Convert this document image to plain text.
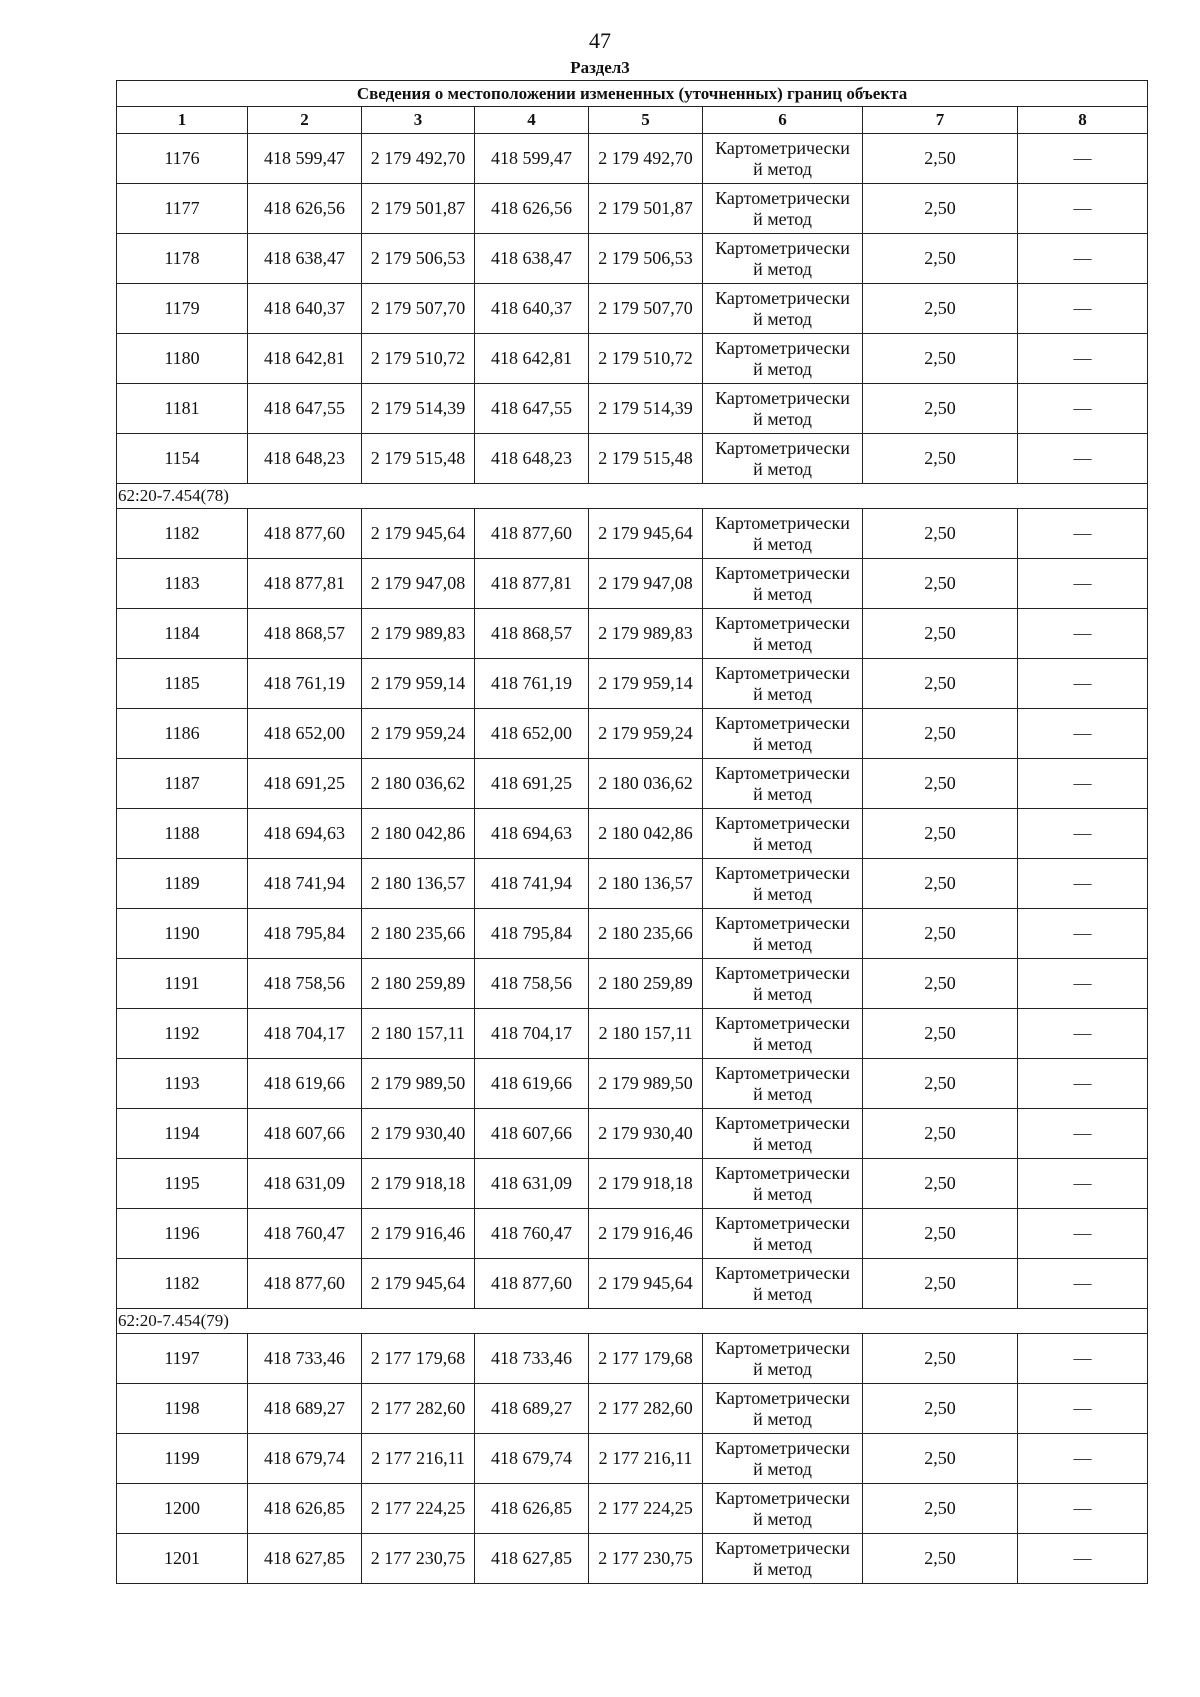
47
Раздел3
Сведения о местоположении измененных (уточненных) границ объекта							
1	2	3	4	5	6	7	8
1176	418 599,47	2 179 492,70	418 599,47	2 179 492,70	Картометрически
й метод	2,50	—
1177	418 626,56	2 179 501,87	418 626,56	2 179 501,87	Картометрически
й метод	2,50	—
1178	418 638,47	2 179 506,53	418 638,47	2 179 506,53	Картометрически
й метод	2,50	—
1179	418 640,37	2 179 507,70	418 640,37	2 179 507,70	Картометрически
й метод	2,50	—
1180	418 642,81	2 179 510,72	418 642,81	2 179 510,72	Картометрически
й метод	2,50	—
1181	418 647,55	2 179 514,39	418 647,55	2 179 514,39	Картометрически
й метод	2,50	—
1154	418 648,23	2 179 515,48	418 648,23	2 179 515,48	Картометрически
й метод	2,50	—
62:20-7.454(78)							
1182	418 877,60	2 179 945,64	418 877,60	2 179 945,64	Картометрически
й метод	2,50	—
1183	418 877,81	2 179 947,08	418 877,81	2 179 947,08	Картометрически
й метод	2,50	—
1184	418 868,57	2 179 989,83	418 868,57	2 179 989,83	Картометрически
й метод	2,50	—
1185	418 761,19	2 179 959,14	418 761,19	2 179 959,14	Картометрически
й метод	2,50	—
1186	418 652,00	2 179 959,24	418 652,00	2 179 959,24	Картометрически
й метод	2,50	—
1187	418 691,25	2 180 036,62	418 691,25	2 180 036,62	Картометрически
й метод	2,50	—
1188	418 694,63	2 180 042,86	418 694,63	2 180 042,86	Картометрически
й метод	2,50	—
1189	418 741,94	2 180 136,57	418 741,94	2 180 136,57	Картометрически
й метод	2,50	—
1190	418 795,84	2 180 235,66	418 795,84	2 180 235,66	Картометрически
й метод	2,50	—
1191	418 758,56	2 180 259,89	418 758,56	2 180 259,89	Картометрически
й метод	2,50	—
1192	418 704,17	2 180 157,11	418 704,17	2 180 157,11	Картометрически
й метод	2,50	—
1193	418 619,66	2 179 989,50	418 619,66	2 179 989,50	Картометрически
й метод	2,50	—
1194	418 607,66	2 179 930,40	418 607,66	2 179 930,40	Картометрически
й метод	2,50	—
1195	418 631,09	2 179 918,18	418 631,09	2 179 918,18	Картометрически
й метод	2,50	—
1196	418 760,47	2 179 916,46	418 760,47	2 179 916,46	Картометрически
й метод	2,50	—
1182	418 877,60	2 179 945,64	418 877,60	2 179 945,64	Картометрически
й метод	2,50	—
62:20-7.454(79)							
1197	418 733,46	2 177 179,68	418 733,46	2 177 179,68	Картометрически
й метод	2,50	—
1198	418 689,27	2 177 282,60	418 689,27	2 177 282,60	Картометрически
й метод	2,50	—
1199	418 679,74	2 177 216,11	418 679,74	2 177 216,11	Картометрически
й метод	2,50	—
1200	418 626,85	2 177 224,25	418 626,85	2 177 224,25	Картометрически
й метод	2,50	—
1201	418 627,85	2 177 230,75	418 627,85	2 177 230,75	Картометрически
й метод	2,50	—
